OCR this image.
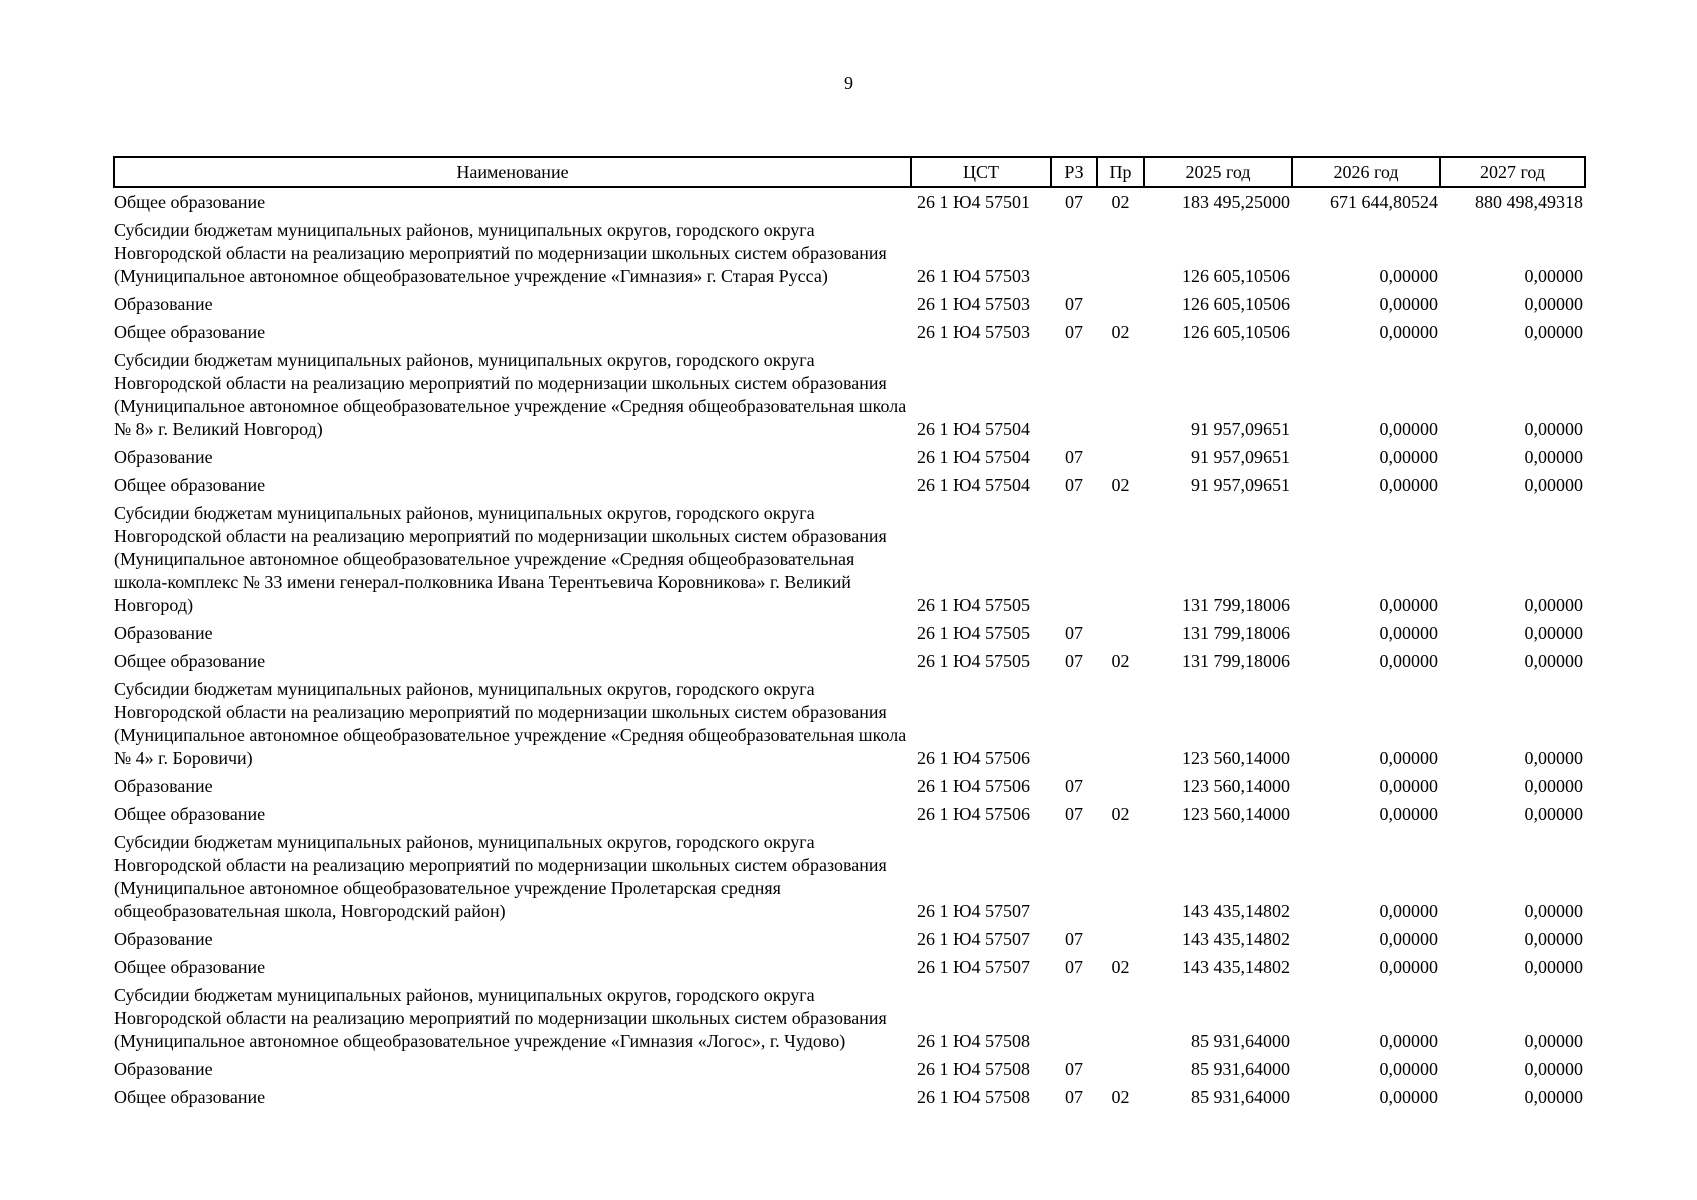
9
Наименование	ЦСТ	РЗ	Пр	2025 год	2026 год	2027 год
Общее образование	26 1 Ю4 57501	07	02	183 495,25000	671 644,80524	880 498,49318
Субсидии бюджетам муниципальных районов, муниципальных округов, городского округа Новгородской области на реализацию мероприятий по модернизации школьных систем образования (Муниципальное автономное общеобразовательное учреждение «Гимназия» г. Старая Русса)	26 1 Ю4 57503			126 605,10506	0,00000	0,00000
Образование	26 1 Ю4 57503	07		126 605,10506	0,00000	0,00000
Общее образование	26 1 Ю4 57503	07	02	126 605,10506	0,00000	0,00000
Субсидии бюджетам муниципальных районов, муниципальных округов, городского округа Новгородской области на реализацию мероприятий по модернизации школьных систем образования (Муниципальное автономное общеобразовательное учреждение «Средняя общеобразовательная школа № 8» г. Великий Новгород)	26 1 Ю4 57504			91 957,09651	0,00000	0,00000
Образование	26 1 Ю4 57504	07		91 957,09651	0,00000	0,00000
Общее образование	26 1 Ю4 57504	07	02	91 957,09651	0,00000	0,00000
Субсидии бюджетам муниципальных районов, муниципальных округов, городского округа Новгородской области на реализацию мероприятий по модернизации школьных систем образования (Муниципальное автономное общеобразовательное учреждение «Средняя общеобразовательная школа-комплекс № 33 имени генерал-полковника Ивана Терентьевича Коровникова» г. Великий Новгород)	26 1 Ю4 57505			131 799,18006	0,00000	0,00000
Образование	26 1 Ю4 57505	07		131 799,18006	0,00000	0,00000
Общее образование	26 1 Ю4 57505	07	02	131 799,18006	0,00000	0,00000
Субсидии бюджетам муниципальных районов, муниципальных округов, городского округа Новгородской области на реализацию мероприятий по модернизации школьных систем образования (Муниципальное автономное общеобразовательное учреждение «Средняя общеобразовательная школа № 4» г. Боровичи)	26 1 Ю4 57506			123 560,14000	0,00000	0,00000
Образование	26 1 Ю4 57506	07		123 560,14000	0,00000	0,00000
Общее образование	26 1 Ю4 57506	07	02	123 560,14000	0,00000	0,00000
Субсидии бюджетам муниципальных районов, муниципальных округов, городского округа Новгородской области на реализацию мероприятий по модернизации школьных систем образования (Муниципальное автономное общеобразовательное учреждение Пролетарская средняя общеобразовательная школа, Новгородский район)	26 1 Ю4 57507			143 435,14802	0,00000	0,00000
Образование	26 1 Ю4 57507	07		143 435,14802	0,00000	0,00000
Общее образование	26 1 Ю4 57507	07	02	143 435,14802	0,00000	0,00000
Субсидии бюджетам муниципальных районов, муниципальных округов, городского округа Новгородской области на реализацию мероприятий по модернизации школьных систем образования (Муниципальное автономное общеобразовательное учреждение «Гимназия «Логос», г. Чудово)	26 1 Ю4 57508			85 931,64000	0,00000	0,00000
Образование	26 1 Ю4 57508	07		85 931,64000	0,00000	0,00000
Общее образование	26 1 Ю4 57508	07	02	85 931,64000	0,00000	0,00000
